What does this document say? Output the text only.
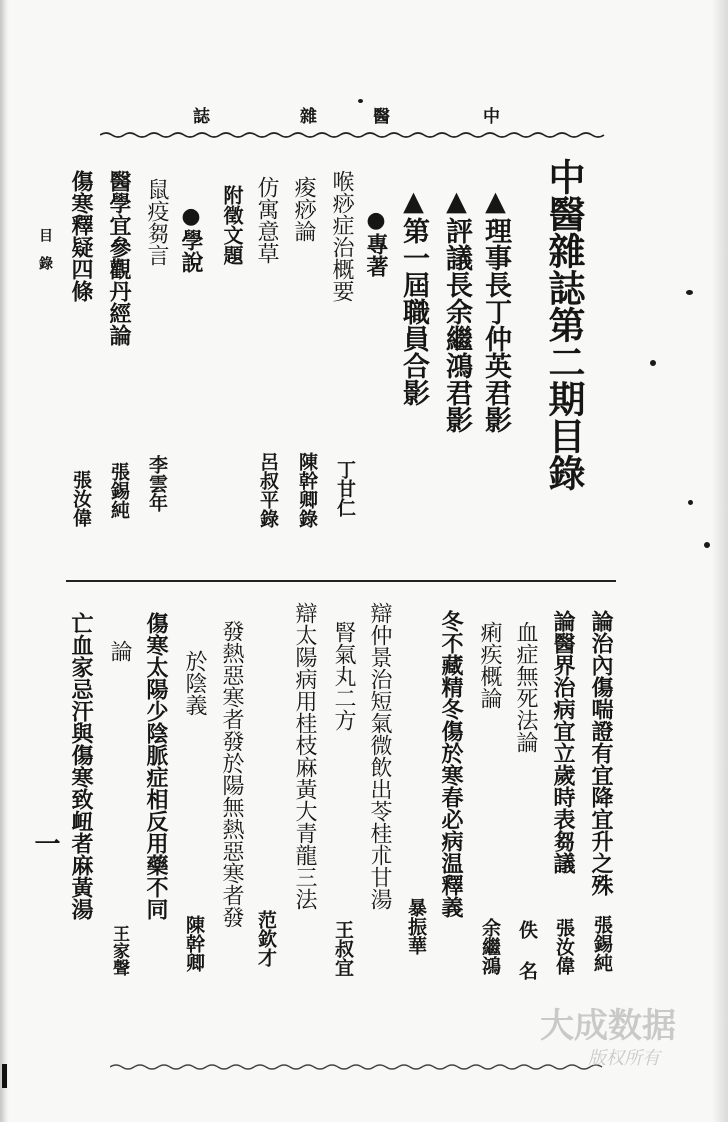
中
醫
雜
誌
中醫雜誌第二期目錄
▲理事長丁仲英君影
▲評議長余繼鴻君影
▲第一屆職員合影
●專著
喉痧症治概要
痠痧論
仿寓意草
附徵文題
●學說
鼠疫芻言
醫學宜參觀丹經論
傷寒釋疑四條
丁甘仁
陳幹卿錄
呂叔平錄
李雲年
張錫純
張汝偉
目　錄
論治內傷喘證有宜降宜升之殊
論醫界治病宜立歲時表芻議
血症無死法論
痢疾概論
冬不藏精冬傷於寒春必病温釋義
辯仲景治短氣微飲出苓桂朮甘湯
腎氣丸二方
辯太陽病用桂枝麻黃大青龍三法
發熱惡寒者發於陽無熱惡寒者發
於陰義
傷寒太陽少陰脈症相反用藥不同
論
亡血家忌汗與傷寒致衄者麻黃湯
張錫純
張汝偉
佚 名
余繼鴻
暴振華
王叔宜
范欽才
陳幹卿
王家聲
一
大成数据
版权所有
